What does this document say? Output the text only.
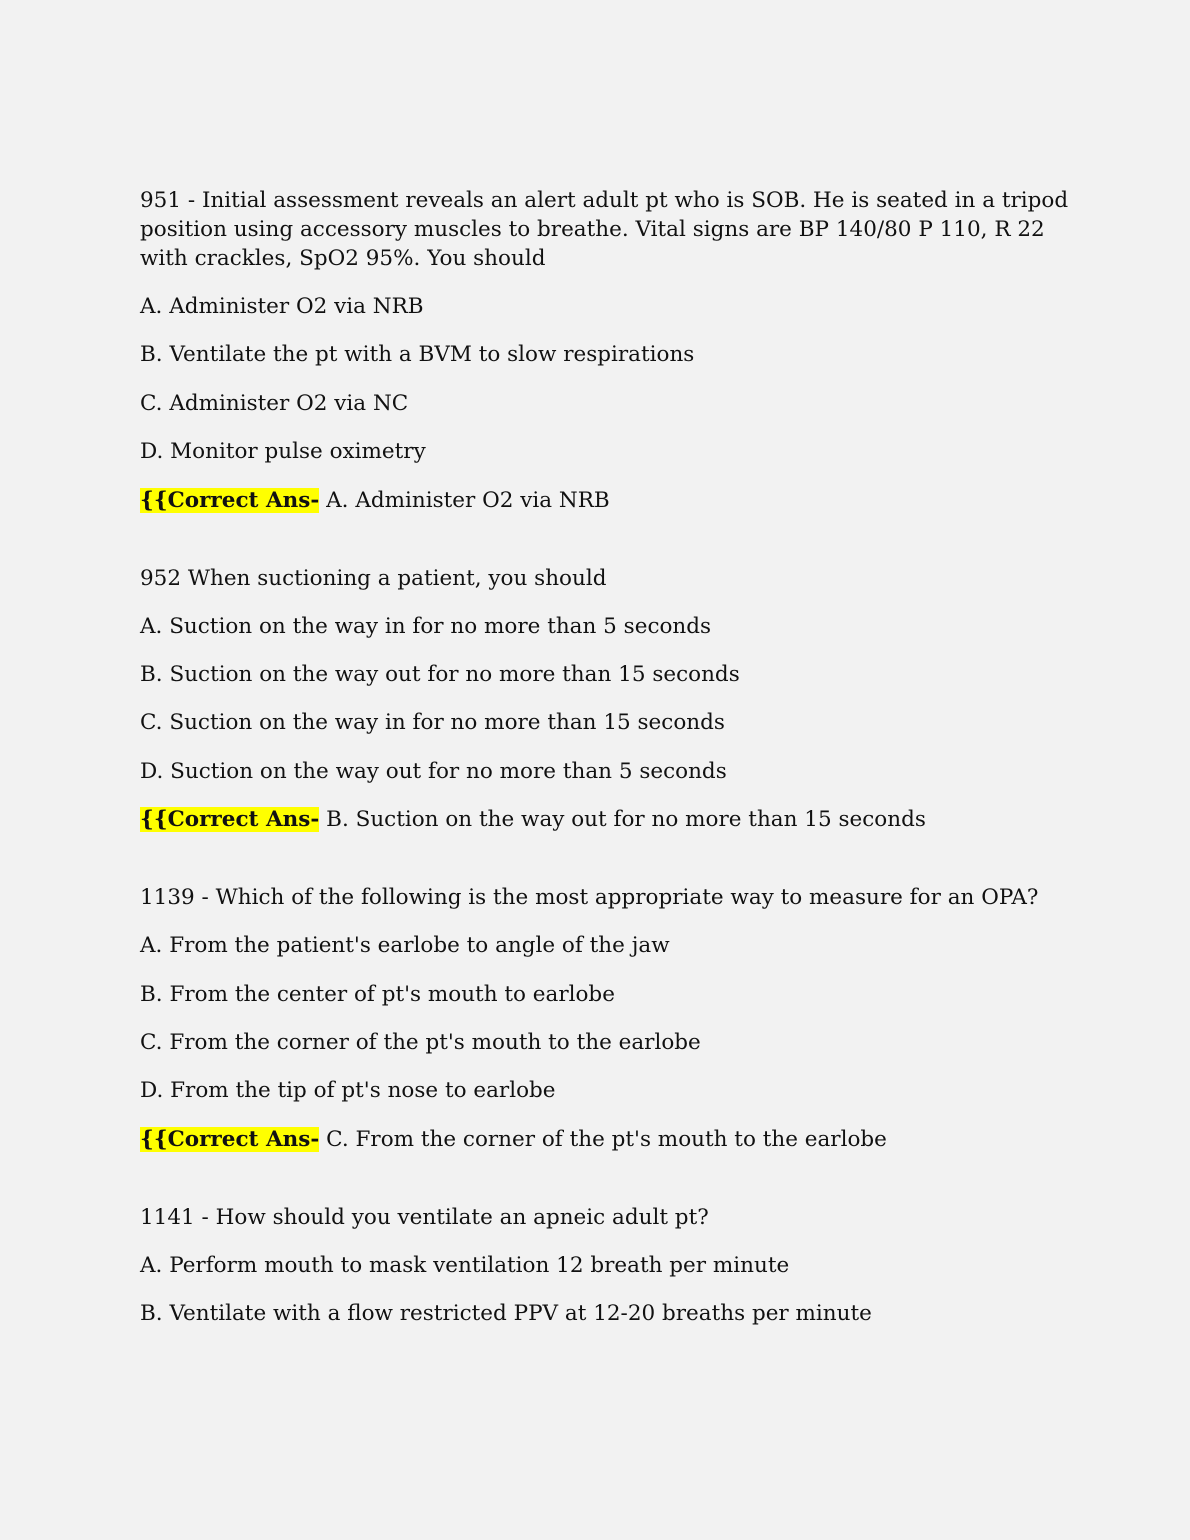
951 - Initial assessment reveals an alert adult pt who is SOB. He is seated in a tripod position using accessory muscles to breathe. Vital signs are BP 140/80 P 110, R 22 with crackles, SpO2 95%. You should

A. Administer O2 via NRB

B. Ventilate the pt with a BVM to slow respirations

C. Administer O2 via NC

D. Monitor pulse oximetry

{{Correct Ans- A. Administer O2 via NRB

952 When suctioning a patient, you should

A. Suction on the way in for no more than 5 seconds

B. Suction on the way out for no more than 15 seconds

C. Suction on the way in for no more than 15 seconds

D. Suction on the way out for no more than 5 seconds

{{Correct Ans- B. Suction on the way out for no more than 15 seconds

1139 - Which of the following is the most appropriate way to measure for an OPA?

A. From the patient's earlobe to angle of the jaw

B. From the center of pt's mouth to earlobe

C. From the corner of the pt's mouth to the earlobe

D. From the tip of pt's nose to earlobe

{{Correct Ans- C. From the corner of the pt's mouth to the earlobe

1141 - How should you ventilate an apneic adult pt?

A. Perform mouth to mask ventilation 12 breath per minute

B. Ventilate with a flow restricted PPV at 12-20 breaths per minute
